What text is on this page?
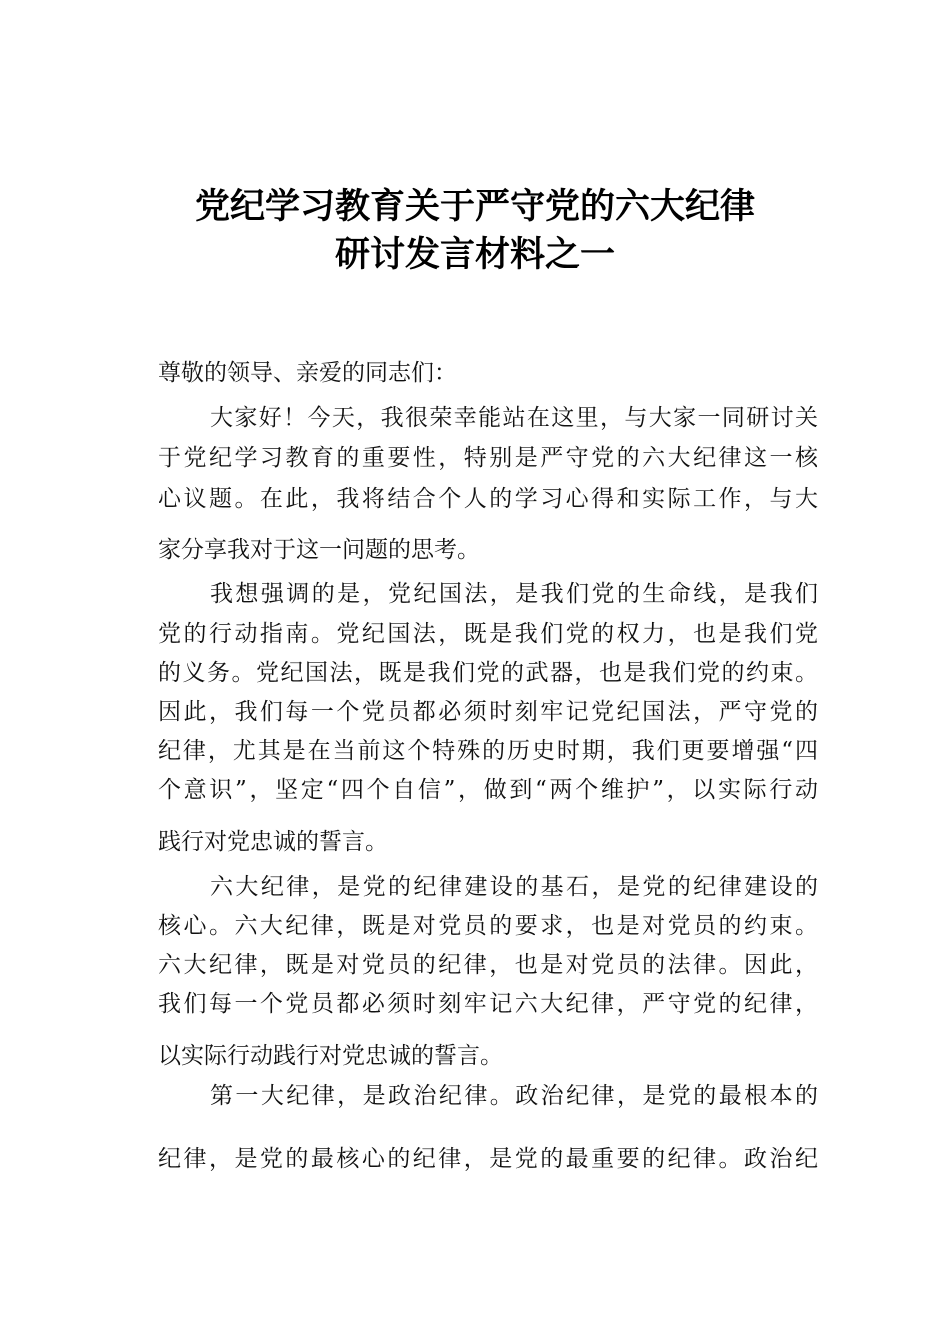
党纪学习教育关于严守党的六大纪律
研讨发言材料之一
尊敬的领导、亲爱的同志们：
大家好！今天，我很荣幸能站在这里，与大家一同研讨关
于党纪学习教育的重要性，特别是严守党的六大纪律这一核
心议题。在此，我将结合个人的学习心得和实际工作，与大
家分享我对于这一问题的思考。
我想强调的是，党纪国法，是我们党的生命线，是我们
党的行动指南。党纪国法，既是我们党的权力，也是我们党
的义务。党纪国法，既是我们党的武器，也是我们党的约束。
因此，我们每一个党员都必须时刻牢记党纪国法，严守党的
纪律，尤其是在当前这个特殊的历史时期，我们更要增强“四
个意识”，坚定“四个自信”，做到“两个维护”，以实际行动
践行对党忠诚的誓言。
六大纪律，是党的纪律建设的基石，是党的纪律建设的
核心。六大纪律，既是对党员的要求，也是对党员的约束。
六大纪律，既是对党员的纪律，也是对党员的法律。因此，
我们每一个党员都必须时刻牢记六大纪律，严守党的纪律，
以实际行动践行对党忠诚的誓言。
第一大纪律，是政治纪律。政治纪律，是党的最根本的
纪律，是党的最核心的纪律，是党的最重要的纪律。政治纪
